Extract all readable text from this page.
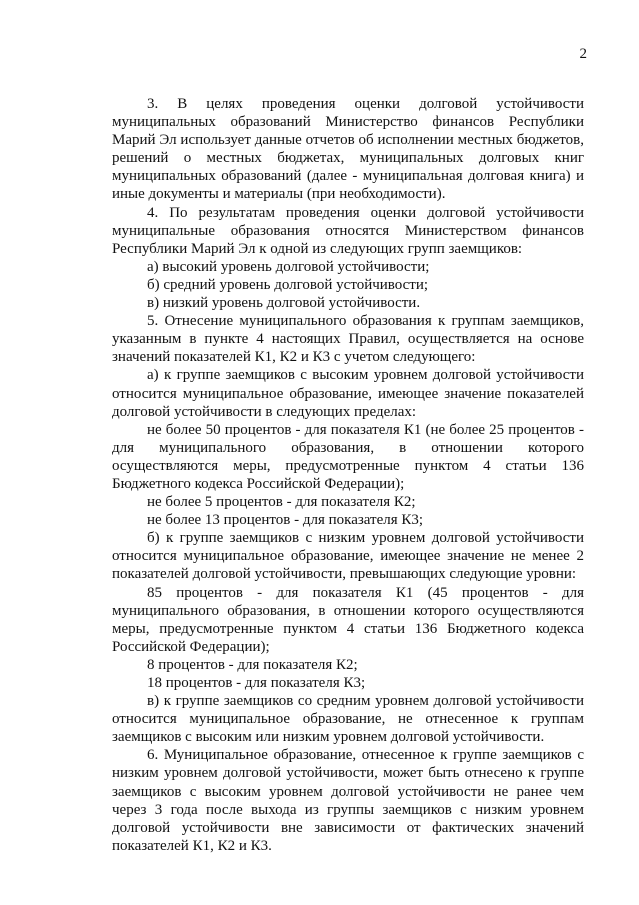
2

3. В целях проведения оценки долговой устойчивости муниципальных образований Министерство финансов Республики Марий Эл использует данные отчетов об исполнении местных бюджетов, решений о местных бюджетах, муниципальных долговых книг муниципальных образований (далее - муниципальная долговая книга) и иные документы и материалы (при необходимости).

4. По результатам проведения оценки долговой устойчивости муниципальные образования относятся Министерством финансов Республики Марий Эл к одной из следующих групп заемщиков:

а) высокий уровень долговой устойчивости;

б) средний уровень долговой устойчивости;

в) низкий уровень долговой устойчивости.

5. Отнесение муниципального образования к группам заемщиков, указанным в пункте 4 настоящих Правил, осуществляется на основе значений показателей К1, К2 и К3 с учетом следующего:

а) к группе заемщиков с высоким уровнем долговой устойчивости относится муниципальное образование, имеющее значение показателей долговой устойчивости в следующих пределах:

не более 50 процентов - для показателя К1 (не более 25 процентов - для муниципального образования, в отношении которого осуществляются меры, предусмотренные пунктом 4 статьи 136 Бюджетного кодекса Российской Федерации);

не более 5 процентов - для показателя К2;

не более 13 процентов - для показателя К3;

б) к группе заемщиков с низким уровнем долговой устойчивости относится муниципальное образование, имеющее значение не менее 2 показателей долговой устойчивости, превышающих следующие уровни:

85 процентов - для показателя К1 (45 процентов - для муниципального образования, в отношении которого осуществляются меры, предусмотренные пунктом 4 статьи 136 Бюджетного кодекса Российской Федерации);

8 процентов - для показателя К2;

18 процентов - для показателя К3;

в) к группе заемщиков со средним уровнем долговой устойчивости относится муниципальное образование, не отнесенное к группам заемщиков с высоким или низким уровнем долговой устойчивости.

6. Муниципальное образование, отнесенное к группе заемщиков с низким уровнем долговой устойчивости, может быть отнесено к группе заемщиков с высоким уровнем долговой устойчивости не ранее чем через 3 года после выхода из группы заемщиков с низким уровнем долговой устойчивости вне зависимости от фактических значений показателей К1, К2 и К3.
